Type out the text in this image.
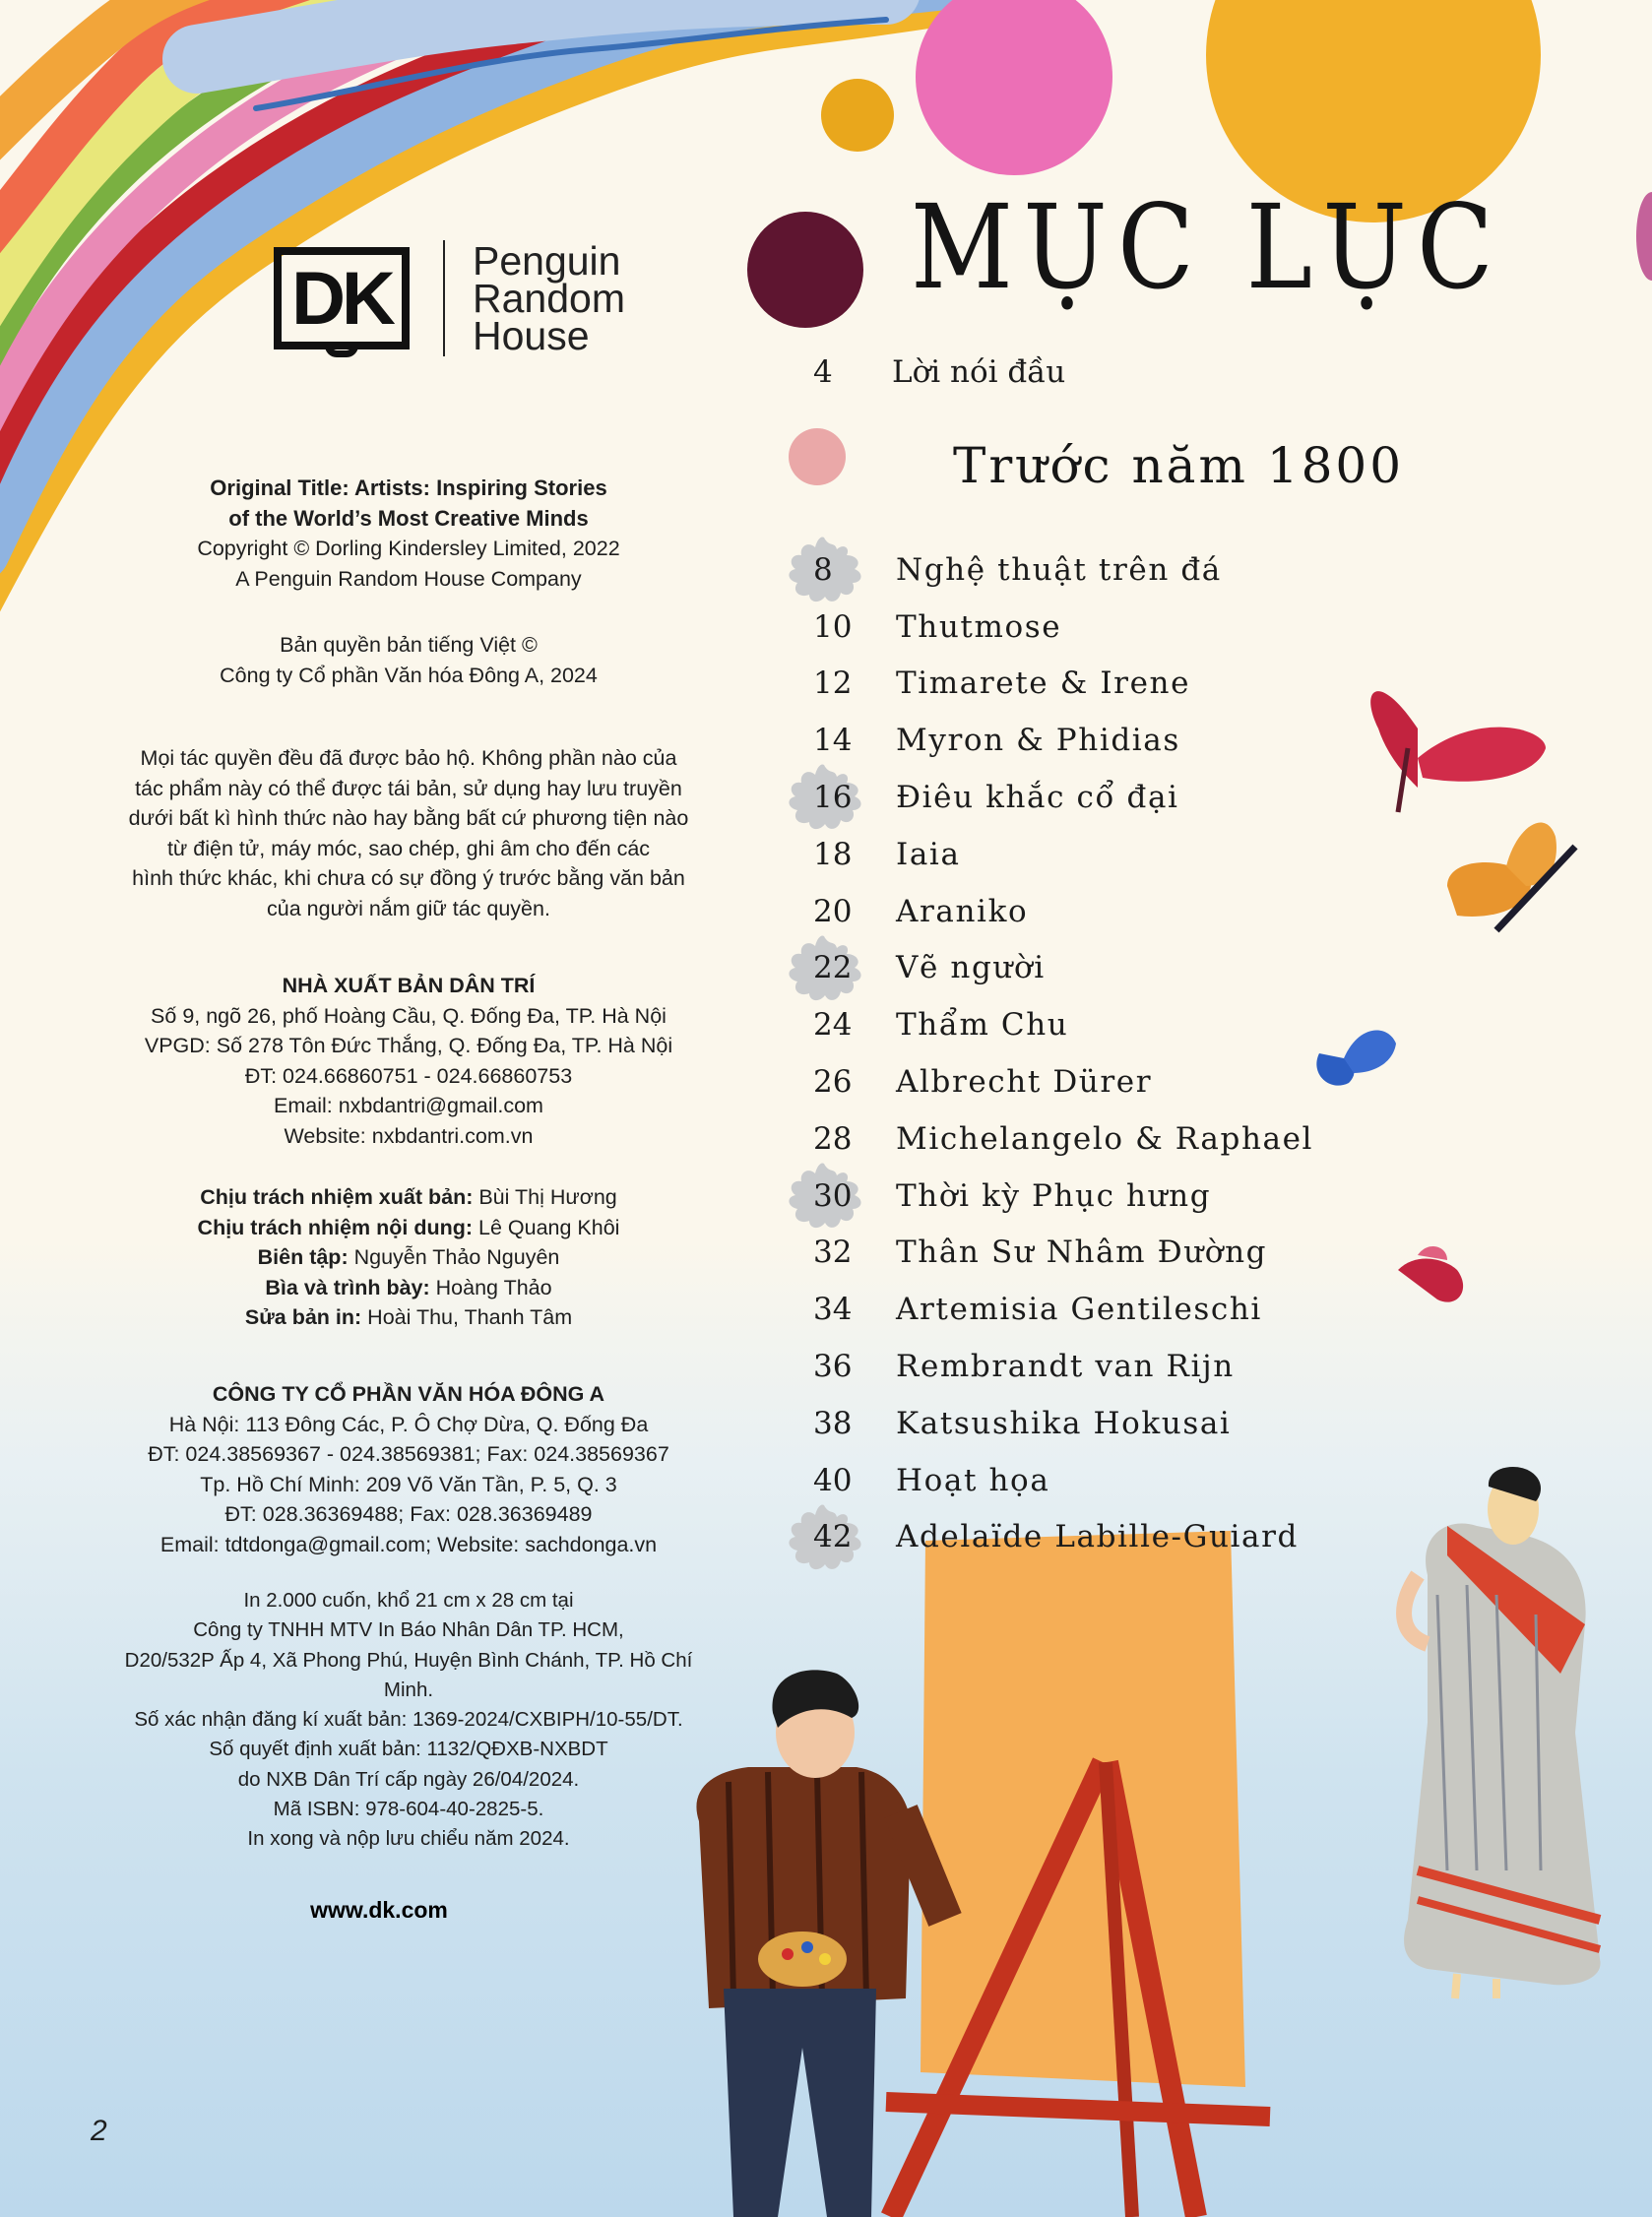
DK	Penguin
Random
House
Original Title: Artists: Inspiring Stories
of the World’s Most Creative Minds
Copyright © Dorling Kindersley Limited, 2022
A Penguin Random House Company
Bản quyền bản tiếng Việt ©
Công ty Cổ phần Văn hóa Đông A, 2024
Mọi tác quyền đều đã được bảo hộ. Không phần nào của
tác phẩm này có thể được tái bản, sử dụng hay lưu truyền
dưới bất kì hình thức nào hay bằng bất cứ phương tiện nào
từ điện tử, máy móc, sao chép, ghi âm cho đến các
hình thức khác, khi chưa có sự đồng ý trước bằng văn bản
của người nắm giữ tác quyền.
NHÀ XUẤT BẢN DÂN TRÍ
Số 9, ngõ 26, phố Hoàng Cầu, Q. Đống Đa, TP. Hà Nội
VPGD: Số 278 Tôn Đức Thắng, Q. Đống Đa, TP. Hà Nội
ĐT: 024.66860751 - 024.66860753
Email: nxbdantri@gmail.com
Website: nxbdantri.com.vn
Chịu trách nhiệm xuất bản: Bùi Thị Hương
Chịu trách nhiệm nội dung: Lê Quang Khôi
Biên tập: Nguyễn Thảo Nguyên
Bìa và trình bày: Hoàng Thảo
Sửa bản in: Hoài Thu, Thanh Tâm
CÔNG TY CỔ PHẦN VĂN HÓA ĐÔNG A
Hà Nội: 113 Đông Các, P. Ô Chợ Dừa, Q. Đống Đa
ĐT: 024.38569367 - 024.38569381; Fax: 024.38569367
Tp. Hồ Chí Minh: 209 Võ Văn Tần, P. 5, Q. 3
ĐT: 028.36369488; Fax: 028.36369489
Email: tdtdonga@gmail.com; Website: sachdonga.vn
In 2.000 cuốn, khổ 21 cm x 28 cm tại
Công ty TNHH MTV In Báo Nhân Dân TP. HCM,
D20/532P Ấp 4, Xã Phong Phú, Huyện Bình Chánh, TP. Hồ Chí Minh.
Số xác nhận đăng kí xuất bản: 1369-2024/CXBIPH/10-55/DT.
Số quyết định xuất bản: 1132/QĐXB-NXBDT
do NXB Dân Trí cấp ngày 26/04/2024.
Mã ISBN: 978-604-40-2825-5.
In xong và nộp lưu chiểu năm 2024.
www.dk.com
2
MỤC LỤC
4	Lời nói đầu
Trước năm 1800
8	Nghệ thuật trên đá
10	Thutmose
12	Timarete & Irene
14	Myron & Phidias
16	Điêu khắc cổ đại
18	Iaia
20	Araniko
22	Vẽ người
24	Thẩm Chu
26	Albrecht Dürer
28	Michelangelo & Raphael
30	Thời kỳ Phục hưng
32	Thân Sư Nhâm Đường
34	Artemisia Gentileschi
36	Rembrandt van Rijn
38	Katsushika Hokusai
40	Hoạt họa
42	Adelaïde Labille-Guiard
